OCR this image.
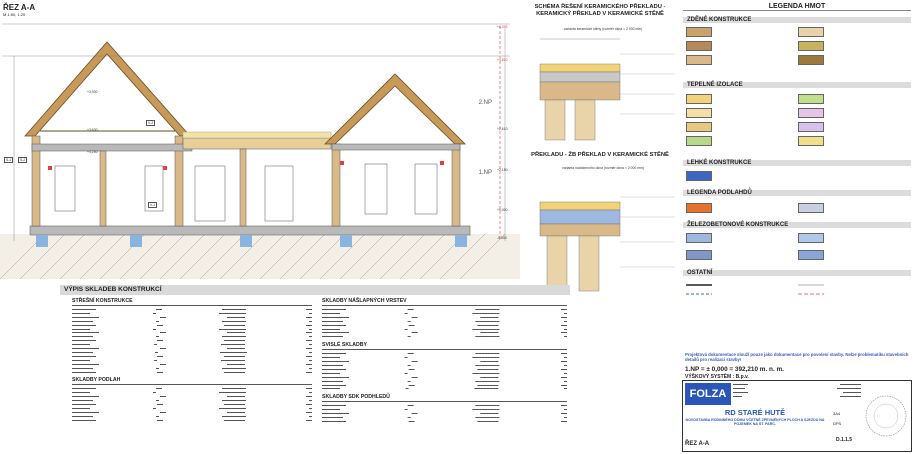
ŘEZ A-A
M 1:50, 1:20
2.NP
1.NP
+3,900
+3,630
+3,250
+2,610
+2,150
+0,000
-0,500
+4,810
+6,375
S-1	S-2
V-1
V-2
SCHÉMA ŘEŠENÍ KERAMICKÉHO PŘEKLADU - KERAMICKÝ PŘEKLAD V KERAMICKÉ STĚNĚ
varianta keramické stěny (rozměr okna = 2 000 mm)
PŘEKLADU - ŽB PŘEKLAD V KERAMICKÉ STĚNĚ
varianta nadokenního okna (rozměr okna = 2 000 mm)
LEGENDA HMOT
ZDĚNÉ KONSTRUKCE
TEPELNÉ IZOLACE
LEHKÉ KONSTRUKCE
LEGENDA PODLAHDŮ
ŽELEZOBETONOVÉ KONSTRUKCE
OSTATNÍ
VÝPIS SKLADEB KONSTRUKCÍ
STŘEŠNÍ KONSTRUKCE
▬▬▬▬▬▬▬▬	▬▬	▬▬▬▬▬▬▬▬	▬▬
▬▬▬▬▬▬	▬	▬▬▬▬▬▬▬▬▬	▬
▬▬▬▬▬▬▬▬▬	▬▬	▬▬▬▬▬▬	▬▬
▬▬▬▬▬▬▬	▬	▬▬▬▬▬▬▬▬	▬
▬▬▬▬▬▬▬▬	▬▬	▬▬▬▬▬▬▬	▬▬
▬▬▬▬▬▬	▬	▬▬▬▬▬▬▬▬▬	▬
▬▬▬▬▬▬▬▬▬	▬▬	▬▬▬▬▬▬	▬▬
▬▬▬▬▬▬▬	▬	▬▬▬▬▬▬▬▬	▬
▬▬▬▬▬▬▬▬	▬▬	▬▬▬▬▬▬▬	▬▬
▬▬▬▬▬▬	▬	▬▬▬▬▬▬▬▬	▬
▬▬▬▬▬▬▬▬▬	▬▬	▬▬▬▬▬▬	▬▬
▬▬▬▬▬▬▬	▬	▬▬▬▬▬▬▬▬▬	▬
▬▬▬▬▬▬▬▬	▬▬	▬▬▬▬▬▬▬	▬▬
▬▬▬▬▬▬	▬	▬▬▬▬▬▬▬▬	▬
▬▬▬▬▬▬▬▬▬	▬▬	▬▬▬▬▬▬	▬▬
▬▬▬▬▬▬▬	▬	▬▬▬▬▬▬▬▬	▬
▬▬▬▬▬▬▬▬	▬▬	▬▬▬▬▬▬▬	▬▬
SKLADBY PODLAH
▬▬▬▬▬▬▬▬	▬▬	▬▬▬▬▬▬▬▬	▬▬
▬▬▬▬▬▬	▬	▬▬▬▬▬▬▬▬▬	▬
▬▬▬▬▬▬▬▬▬	▬▬	▬▬▬▬▬▬	▬▬
▬▬▬▬▬▬▬	▬	▬▬▬▬▬▬▬▬	▬
▬▬▬▬▬▬▬▬	▬▬	▬▬▬▬▬▬▬	▬▬
▬▬▬▬▬▬	▬	▬▬▬▬▬▬▬▬▬	▬
▬▬▬▬▬▬▬▬▬	▬▬	▬▬▬▬▬▬	▬▬
▬▬▬▬▬▬▬	▬	▬▬▬▬▬▬▬▬	▬
▬▬▬▬▬▬▬▬	▬▬	▬▬▬▬▬▬▬	▬▬
SKLADBY NÁŠLAPNÝCH VRSTEV
▬▬▬▬▬▬▬▬	▬▬	▬▬▬▬▬▬▬▬	▬▬
▬▬▬▬▬▬	▬	▬▬▬▬▬▬▬▬▬	▬
▬▬▬▬▬▬▬▬▬	▬▬	▬▬▬▬▬▬	▬▬
▬▬▬▬▬▬▬	▬	▬▬▬▬▬▬▬▬	▬
▬▬▬▬▬▬▬▬	▬▬	▬▬▬▬▬▬▬	▬▬
▬▬▬▬▬▬	▬	▬▬▬▬▬▬▬▬▬	▬
▬▬▬▬▬▬▬▬▬	▬▬	▬▬▬▬▬▬	▬▬
▬▬▬▬▬▬▬	▬	▬▬▬▬▬▬▬▬	▬
SVISLÉ SKLADBY
▬▬▬▬▬▬▬▬	▬▬	▬▬▬▬▬▬▬▬	▬▬
▬▬▬▬▬▬	▬	▬▬▬▬▬▬▬▬▬	▬
▬▬▬▬▬▬▬▬▬	▬▬	▬▬▬▬▬▬	▬▬
▬▬▬▬▬▬▬	▬	▬▬▬▬▬▬▬▬	▬
▬▬▬▬▬▬▬▬	▬▬	▬▬▬▬▬▬▬	▬▬
▬▬▬▬▬▬	▬	▬▬▬▬▬▬▬▬▬	▬
▬▬▬▬▬▬▬▬▬	▬▬	▬▬▬▬▬▬	▬▬
▬▬▬▬▬▬▬	▬	▬▬▬▬▬▬▬▬	▬
▬▬▬▬▬▬▬▬	▬▬	▬▬▬▬▬▬▬	▬▬
▬▬▬▬▬▬	▬	▬▬▬▬▬▬▬▬	▬
SKLADBY SDK PODHLEDŮ
▬▬▬▬▬▬▬▬	▬▬	▬▬▬▬▬▬▬▬	▬▬
▬▬▬▬▬▬	▬	▬▬▬▬▬▬▬▬▬	▬
▬▬▬▬▬▬▬▬▬	▬▬	▬▬▬▬▬▬	▬▬
▬▬▬▬▬▬▬	▬	▬▬▬▬▬▬▬▬	▬
▬▬▬▬▬▬▬▬	▬▬	▬▬▬▬▬▬▬	▬▬
Projektová dokumentace slouží pouze jako dokumentace pro povolení stavby. Nelze problematiku stavebních detailů pro realizaci stavby!
1.NP = ± 0,000 = 392,210 m. n. m.
VÝŠKOVÝ SYSTÉM : B.p.v.
FOLZA
▬▬▬▬▬	▬▬▬▬▬▬▬
▬▬▬▬	▬▬▬▬▬▬▬▬
▬▬▬▬▬	▬▬▬▬▬▬
▬▬▬	▬▬▬▬▬▬▬
RD STARÉ HUTĚ
NOVOSTAVBA RODINNÉHO DOMU VČETNĚ ZPEVNĚNÝCH PLOCH A SJEZDU NA POZEMEK NA ST. PARC.
ŘEZ A-A
D.1.1.5
3A4
DPS
